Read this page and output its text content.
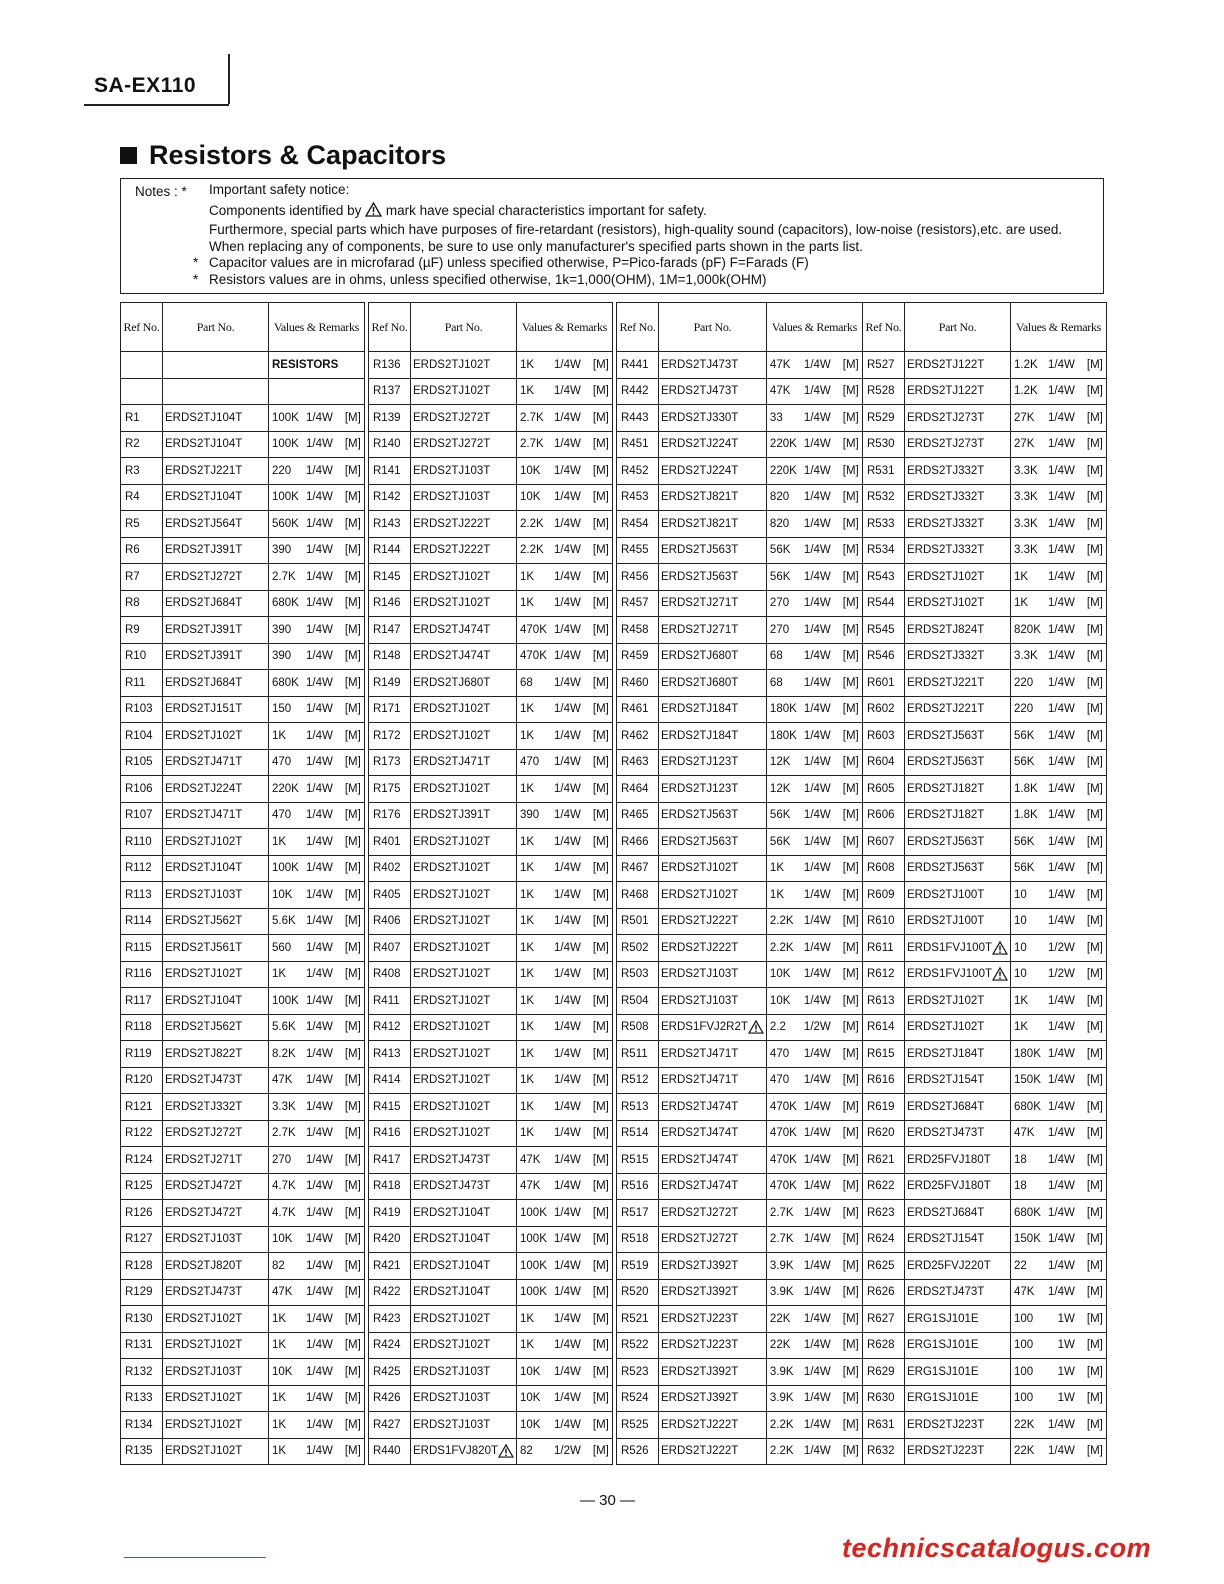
SA-EX110
Resistors & Capacitors
Notes : * Important safety notice:
Components identified by mark have special characteristics important for safety.
Furthermore, special parts which have purposes of fire-retardant (resistors), high-quality sound (capacitors), low-noise (resistors),etc. are used.
When replacing any of components, be sure to use only manufacturer's specified parts shown in the parts list.
* Capacitor values are in microfarad (µF) unless specified otherwise, P=Pico-farads (pF) F=Farads (F)
* Resistors values are in ohms, unless specified otherwise, 1k=1,000(OHM), 1M=1,000k(OHM)
Ref No.	Part No.	Values & Remarks

	RESISTORS

R1	ERDS2TJ104T	100K 1/4W [M]

R2	ERDS2TJ104T	100K 1/4W [M]

R3	ERDS2TJ221T	220 1/4W [M]

R4	ERDS2TJ104T	100K 1/4W [M]

R5	ERDS2TJ564T	560K 1/4W [M]

R6	ERDS2TJ391T	390 1/4W [M]

R7	ERDS2TJ272T	2.7K 1/4W [M]

R8	ERDS2TJ684T	680K 1/4W [M]

R9	ERDS2TJ391T	390 1/4W [M]

R10	ERDS2TJ391T	390 1/4W [M]

R11	ERDS2TJ684T	680K 1/4W [M]

R103	ERDS2TJ151T	150 1/4W [M]

R104	ERDS2TJ102T	1K 1/4W [M]

R105	ERDS2TJ471T	470 1/4W [M]

R106	ERDS2TJ224T	220K 1/4W [M]

R107	ERDS2TJ471T	470 1/4W [M]

R110	ERDS2TJ102T	1K 1/4W [M]

R112	ERDS2TJ104T	100K 1/4W [M]

R113	ERDS2TJ103T	10K 1/4W [M]

R114	ERDS2TJ562T	5.6K 1/4W [M]

R115	ERDS2TJ561T	560 1/4W [M]

R116	ERDS2TJ102T	1K 1/4W [M]

R117	ERDS2TJ104T	100K 1/4W [M]

R118	ERDS2TJ562T	5.6K 1/4W [M]

R119	ERDS2TJ822T	8.2K 1/4W [M]

R120	ERDS2TJ473T	47K 1/4W [M]

R121	ERDS2TJ332T	3.3K 1/4W [M]

R122	ERDS2TJ272T	2.7K 1/4W [M]

R124	ERDS2TJ271T	270 1/4W [M]

R125	ERDS2TJ472T	4.7K 1/4W [M]

R126	ERDS2TJ472T	4.7K 1/4W [M]

R127	ERDS2TJ103T	10K 1/4W [M]

R128	ERDS2TJ820T	82 1/4W [M]

R129	ERDS2TJ473T	47K 1/4W [M]

R130	ERDS2TJ102T	1K 1/4W [M]

R131	ERDS2TJ102T	1K 1/4W [M]

R132	ERDS2TJ103T	10K 1/4W [M]

R133	ERDS2TJ102T	1K 1/4W [M]

R134	ERDS2TJ102T	1K 1/4W [M]

R135	ERDS2TJ102T	1K 1/4W [M]
Ref No.	Part No.	Values & Remarks
R136	ERDS2TJ102T	1K 1/4W [M]

R137	ERDS2TJ102T	1K 1/4W [M]

R139	ERDS2TJ272T	2.7K 1/4W [M]

R140	ERDS2TJ272T	2.7K 1/4W [M]

R141	ERDS2TJ103T	10K 1/4W [M]

R142	ERDS2TJ103T	10K 1/4W [M]

R143	ERDS2TJ222T	2.2K 1/4W [M]

R144	ERDS2TJ222T	2.2K 1/4W [M]

R145	ERDS2TJ102T	1K 1/4W [M]

R146	ERDS2TJ102T	1K 1/4W [M]

R147	ERDS2TJ474T	470K 1/4W [M]

R148	ERDS2TJ474T	470K 1/4W [M]

R149	ERDS2TJ680T	68 1/4W [M]

R171	ERDS2TJ102T	1K 1/4W [M]

R172	ERDS2TJ102T	1K 1/4W [M]

R173	ERDS2TJ471T	470 1/4W [M]

R175	ERDS2TJ102T	1K 1/4W [M]

R176	ERDS2TJ391T	390 1/4W [M]

R401	ERDS2TJ102T	1K 1/4W [M]

R402	ERDS2TJ102T	1K 1/4W [M]

R405	ERDS2TJ102T	1K 1/4W [M]

R406	ERDS2TJ102T	1K 1/4W [M]

R407	ERDS2TJ102T	1K 1/4W [M]

R408	ERDS2TJ102T	1K 1/4W [M]

R411	ERDS2TJ102T	1K 1/4W [M]

R412	ERDS2TJ102T	1K 1/4W [M]

R413	ERDS2TJ102T	1K 1/4W [M]

R414	ERDS2TJ102T	1K 1/4W [M]

R415	ERDS2TJ102T	1K 1/4W [M]

R416	ERDS2TJ102T	1K 1/4W [M]

R417	ERDS2TJ473T	47K 1/4W [M]

R418	ERDS2TJ473T	47K 1/4W [M]

R419	ERDS2TJ104T	100K 1/4W [M]

R420	ERDS2TJ104T	100K 1/4W [M]

R421	ERDS2TJ104T	100K 1/4W [M]

R422	ERDS2TJ104T	100K 1/4W [M]

R423	ERDS2TJ102T	1K 1/4W [M]

R424	ERDS2TJ102T	1K 1/4W [M]

R425	ERDS2TJ103T	10K 1/4W [M]

R426	ERDS2TJ103T	10K 1/4W [M]

R427	ERDS2TJ103T	10K 1/4W [M]

R440	ERDS1FVJ820T	82 1/2W [M]
Ref No.	Part No.	Values & Remarks
R441	ERDS2TJ473T	47K 1/4W [M]

R442	ERDS2TJ473T	47K 1/4W [M]

R443	ERDS2TJ330T	33 1/4W [M]

R451	ERDS2TJ224T	220K 1/4W [M]

R452	ERDS2TJ224T	220K 1/4W [M]

R453	ERDS2TJ821T	820 1/4W [M]

R454	ERDS2TJ821T	820 1/4W [M]

R455	ERDS2TJ563T	56K 1/4W [M]

R456	ERDS2TJ563T	56K 1/4W [M]

R457	ERDS2TJ271T	270 1/4W [M]

R458	ERDS2TJ271T	270 1/4W [M]

R459	ERDS2TJ680T	68 1/4W [M]

R460	ERDS2TJ680T	68 1/4W [M]

R461	ERDS2TJ184T	180K 1/4W [M]

R462	ERDS2TJ184T	180K 1/4W [M]

R463	ERDS2TJ123T	12K 1/4W [M]

R464	ERDS2TJ123T	12K 1/4W [M]

R465	ERDS2TJ563T	56K 1/4W [M]

R466	ERDS2TJ563T	56K 1/4W [M]

R467	ERDS2TJ102T	1K 1/4W [M]

R468	ERDS2TJ102T	1K 1/4W [M]

R501	ERDS2TJ222T	2.2K 1/4W [M]

R502	ERDS2TJ222T	2.2K 1/4W [M]

R503	ERDS2TJ103T	10K 1/4W [M]

R504	ERDS2TJ103T	10K 1/4W [M]

R508	ERDS1FVJ2R2T	2.2 1/2W [M]

R511	ERDS2TJ471T	470 1/4W [M]

R512	ERDS2TJ471T	470 1/4W [M]

R513	ERDS2TJ474T	470K 1/4W [M]

R514	ERDS2TJ474T	470K 1/4W [M]

R515	ERDS2TJ474T	470K 1/4W [M]

R516	ERDS2TJ474T	470K 1/4W [M]

R517	ERDS2TJ272T	2.7K 1/4W [M]

R518	ERDS2TJ272T	2.7K 1/4W [M]

R519	ERDS2TJ392T	3.9K 1/4W [M]

R520	ERDS2TJ392T	3.9K 1/4W [M]

R521	ERDS2TJ223T	22K 1/4W [M]

R522	ERDS2TJ223T	22K 1/4W [M]

R523	ERDS2TJ392T	3.9K 1/4W [M]

R524	ERDS2TJ392T	3.9K 1/4W [M]

R525	ERDS2TJ222T	2.2K 1/4W [M]

R526	ERDS2TJ222T	2.2K 1/4W [M]
Ref No.	Part No.	Values & Remarks
R527	ERDS2TJ122T	1.2K 1/4W [M]

R528	ERDS2TJ122T	1.2K 1/4W [M]

R529	ERDS2TJ273T	27K 1/4W [M]

R530	ERDS2TJ273T	27K 1/4W [M]

R531	ERDS2TJ332T	3.3K 1/4W [M]

R532	ERDS2TJ332T	3.3K 1/4W [M]

R533	ERDS2TJ332T	3.3K 1/4W [M]

R534	ERDS2TJ332T	3.3K 1/4W [M]

R543	ERDS2TJ102T	1K 1/4W [M]

R544	ERDS2TJ102T	1K 1/4W [M]

R545	ERDS2TJ824T	820K 1/4W [M]

R546	ERDS2TJ332T	3.3K 1/4W [M]

R601	ERDS2TJ221T	220 1/4W [M]

R602	ERDS2TJ221T	220 1/4W [M]

R603	ERDS2TJ563T	56K 1/4W [M]

R604	ERDS2TJ563T	56K 1/4W [M]

R605	ERDS2TJ182T	1.8K 1/4W [M]

R606	ERDS2TJ182T	1.8K 1/4W [M]

R607	ERDS2TJ563T	56K 1/4W [M]

R608	ERDS2TJ563T	56K 1/4W [M]

R609	ERDS2TJ100T	10 1/4W [M]

R610	ERDS2TJ100T	10 1/4W [M]

R611	ERDS1FVJ100T	10 1/2W [M]

R612	ERDS1FVJ100T	10 1/2W [M]

R613	ERDS2TJ102T	1K 1/4W [M]

R614	ERDS2TJ102T	1K 1/4W [M]

R615	ERDS2TJ184T	180K 1/4W [M]

R616	ERDS2TJ154T	150K 1/4W [M]

R619	ERDS2TJ684T	680K 1/4W [M]

R620	ERDS2TJ473T	47K 1/4W [M]

R621	ERD25FVJ180T	18 1/4W [M]

R622	ERD25FVJ180T	18 1/4W [M]

R623	ERDS2TJ684T	680K 1/4W [M]

R624	ERDS2TJ154T	150K 1/4W [M]

R625	ERD25FVJ220T	22 1/4W [M]

R626	ERDS2TJ473T	47K 1/4W [M]

R627	ERG1SJ101E	100 1W [M]

R628	ERG1SJ101E	100 1W [M]

R629	ERG1SJ101E	100 1W [M]

R630	ERG1SJ101E	100 1W [M]

R631	ERDS2TJ223T	22K 1/4W [M]

R632	ERDS2TJ223T	22K 1/4W [M]
— 30 —
technicscatalogus.com
